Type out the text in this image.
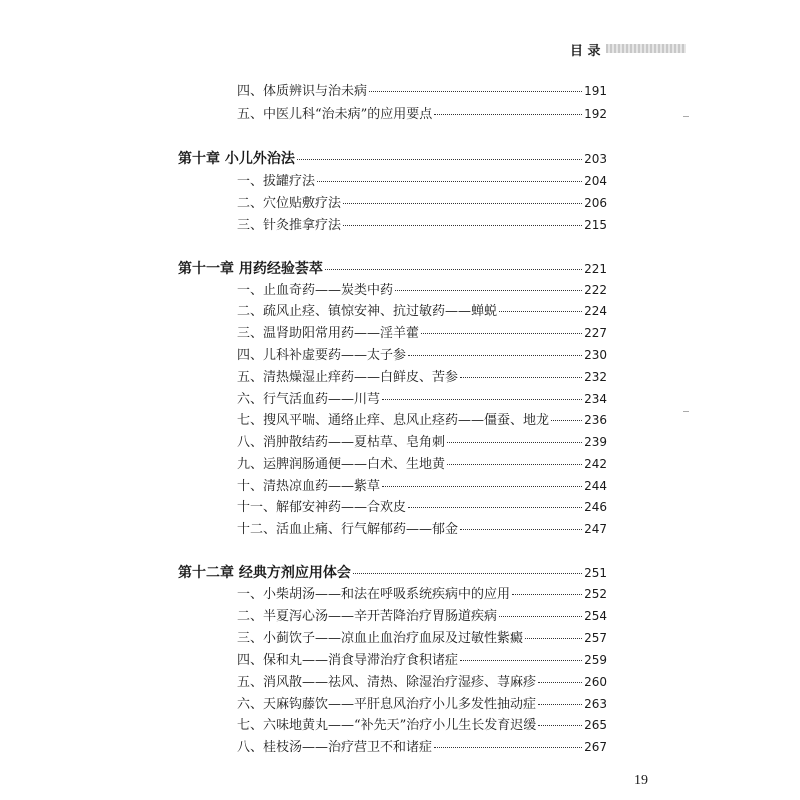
目 录
四、体质辨识与治未病	191
五、中医儿科“治未病”的应用要点	192
第十章 小儿外治法	203
一、拔罐疗法	204
二、穴位贴敷疗法	206
三、针灸推拿疗法	215
第十一章 用药经验荟萃	221
一、止血奇药——炭类中药	222
二、疏风止痉、镇惊安神、抗过敏药——蝉蜕	224
三、温肾助阳常用药——淫羊藿	227
四、儿科补虚要药——太子参	230
五、清热燥湿止痒药——白鲜皮、苦参	232
六、行气活血药——川芎	234
七、搜风平喘、通络止痒、息风止痉药——僵蚕、地龙	236
八、消肿散结药——夏枯草、皂角刺	239
九、运脾润肠通便——白术、生地黄	242
十、清热凉血药——紫草	244
十一、解郁安神药——合欢皮	246
十二、活血止痛、行气解郁药——郁金	247
第十二章 经典方剂应用体会	251
一、小柴胡汤——和法在呼吸系统疾病中的应用	252
二、半夏泻心汤——辛开苦降治疗胃肠道疾病	254
三、小蓟饮子——凉血止血治疗血尿及过敏性紫癜	257
四、保和丸——消食导滞治疗食积诸症	259
五、消风散——祛风、清热、除湿治疗湿疹、荨麻疹	260
六、天麻钩藤饮——平肝息风治疗小儿多发性抽动症	263
七、六味地黄丸——“补先天”治疗小儿生长发育迟缓	265
八、桂枝汤——治疗营卫不和诸症	267
19
